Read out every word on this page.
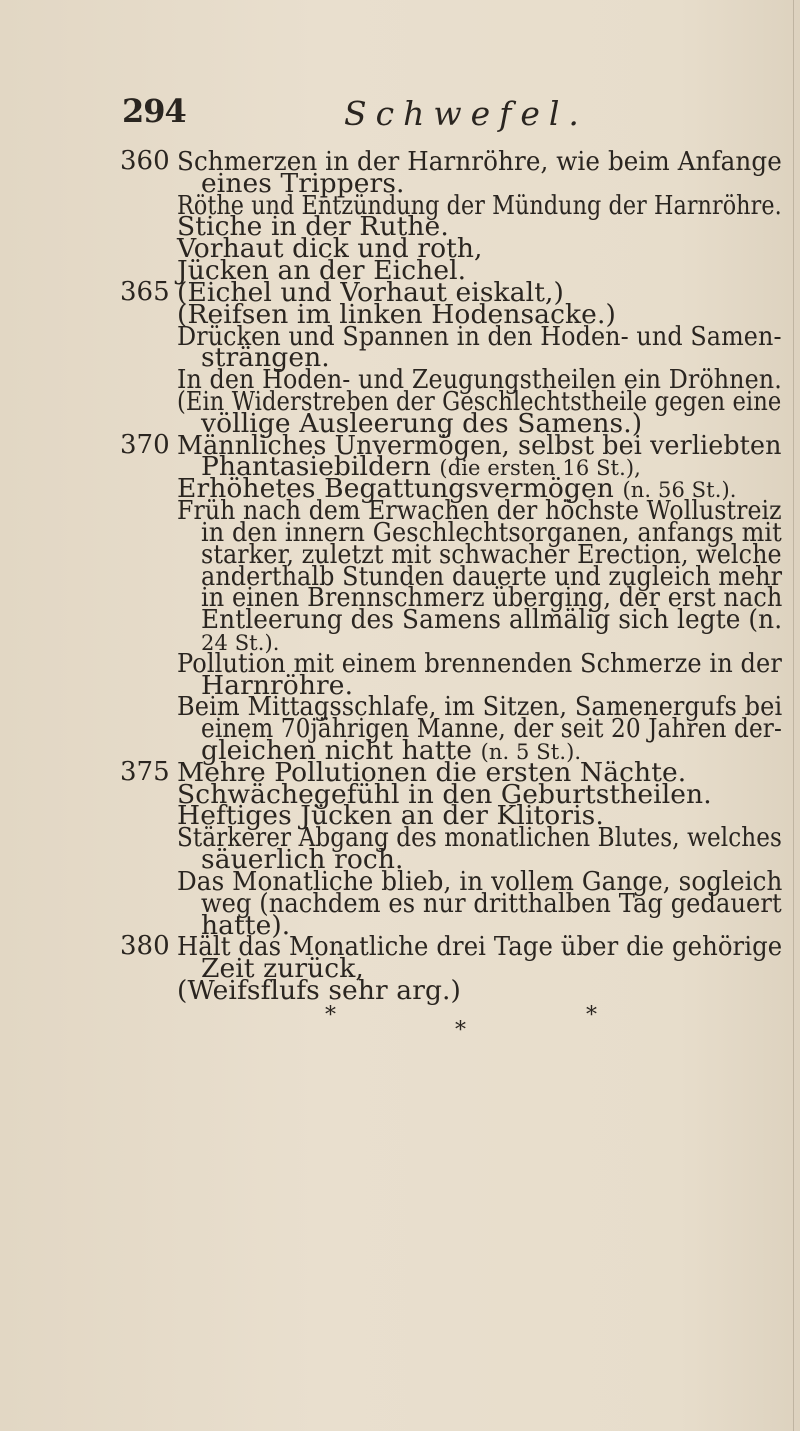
294	Schwefel.
360 Schmerzen in der Harnröhre, wie beim Anfange
eines Trippers.
Röthe und Entzündung der Mündung der Harnröhre.
Stiche in der Ruthe.
Vorhaut dick und roth,
Jücken an der Eichel.
365 (Eichel und Vorhaut eiskalt,)
(Reifsen im linken Hodensacke.)
Drücken und Spannen in den Hoden- und Samen-
strängen.
In den Hoden- und Zeugungstheilen ein Dröhnen.
(Ein Widerstreben der Geschlechtstheile gegen eine
völlige Ausleerung des Samens.)
370 Männliches Unvermögen, selbst bei verliebten
Phantasiebildern (die ersten 16 St.),
Erhöhetes Begattungsvermögen (n. 56 St.).
Früh nach dem Erwachen der höchste Wollustreiz
in den innern Geschlechtsorganen, anfangs mit
starker, zuletzt mit schwacher Erection, welche
anderthalb Stunden dauerte und zugleich mehr
in einen Brennschmerz überging, der erst nach
Entleerung des Samens allmälig sich legte (n.
24 St.).
Pollution mit einem brennenden Schmerze in der
Harnröhre.
Beim Mittagsschlafe, im Sitzen, Samenergufs bei
einem 70jährigen Manne, der seit 20 Jahren der-
gleichen nicht hatte (n. 5 St.).
375 Mehre Pollutionen die ersten Nächte.
Schwächegefühl in den Geburtstheilen.
Heftiges Jücken an der Klitoris.
Stärkerer Abgang des monatlichen Blutes, welches
säuerlich roch.
Das Monatliche blieb, in vollem Gange, sogleich
weg (nachdem es nur dritthalben Tag gedauert
hatte).
380 Hält das Monatliche drei Tage über die gehörige
Zeit zurück,
(Weifsflufs sehr arg.)
*
*
*
